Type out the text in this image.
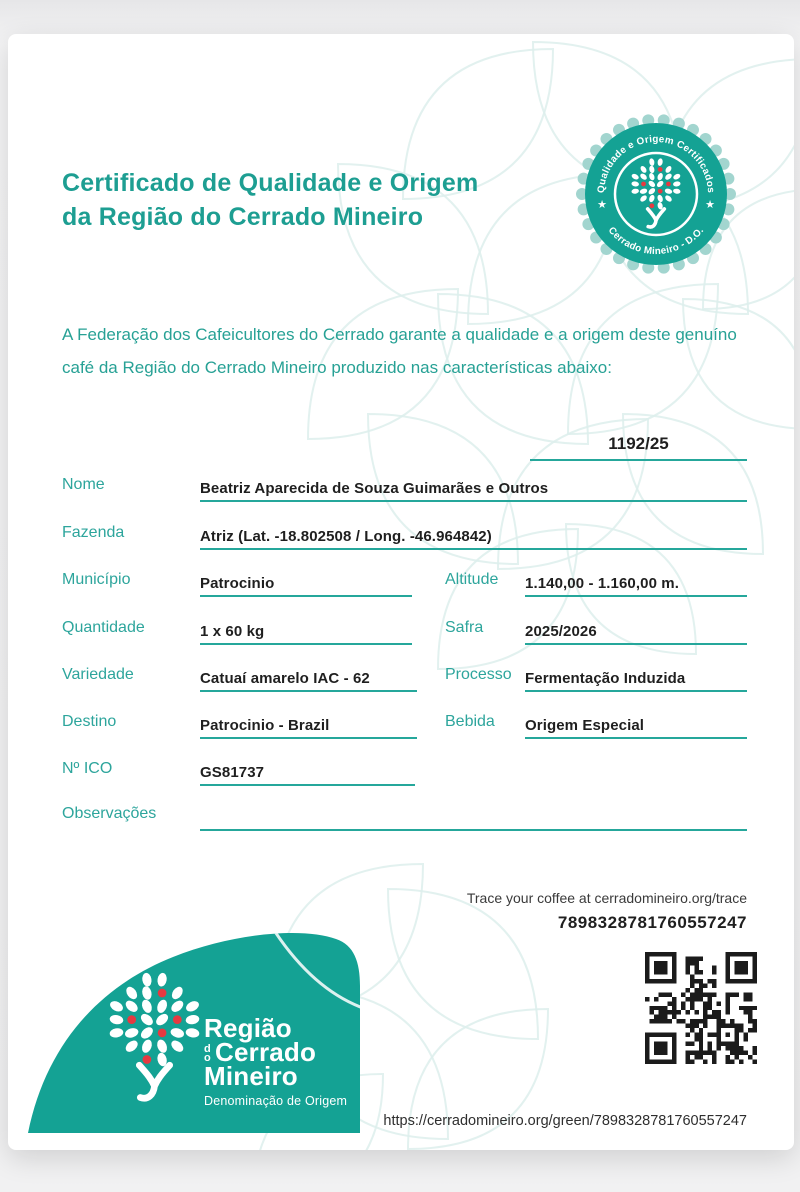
Qualidade e Origem Certificados
Cerrado Mineiro - D.O.
★	★
Certificado de Qualidade e Origem
da Região do Cerrado Mineiro
A Federação dos Cafeicultores do Cerrado garante a qualidade e a origem deste genuíno café da Região do Cerrado Mineiro produzido nas características abaixo:
1192/25
Nome	Beatriz Aparecida de Souza Guimarães e Outros
Fazenda	Atriz (Lat. -18.802508 / Long. -46.964842)
Município	Patrocinio	Altitude 1.140,00 - 1.160,00 m.
Quantidade	1 x 60 kg	Safra	2025/2026
Variedade	Catuaí amarelo IAC - 62	Processo Fermentação Induzida
Destino	Patrocinio - Brazil	Bebida Origem Especial
Nº ICO	GS81737
Observações
Trace your coffee at cerradomineiro.org/trace
7898328781760557247
https://cerradomineiro.org/green/7898328781760557247
Região
do Cerrado
Mineiro
Denominação de Origem
